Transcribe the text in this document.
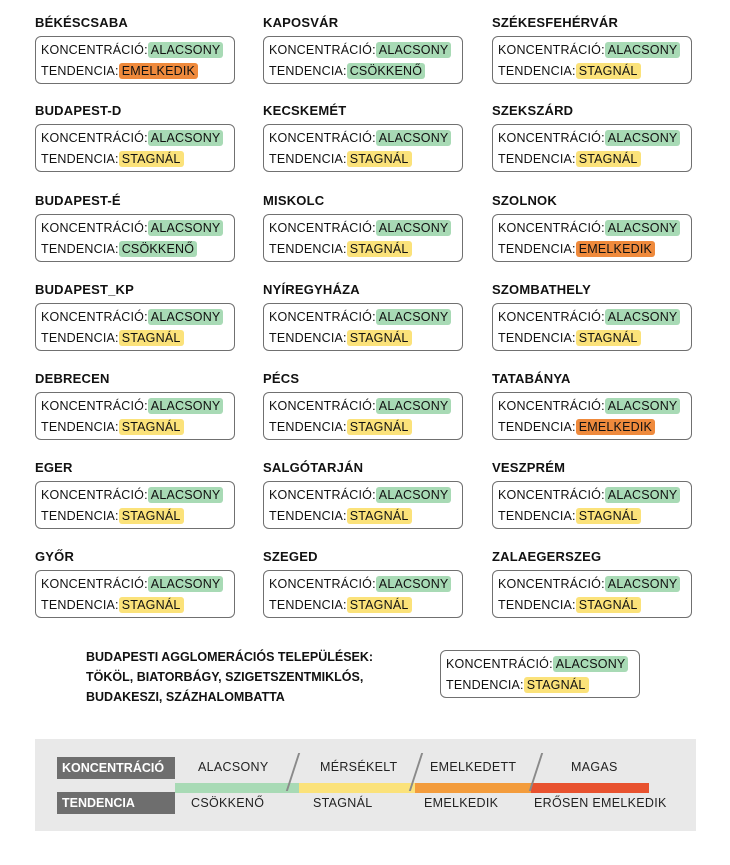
BÉKÉSCSABA
KONCENTRÁCIÓ: ALACSONY
TENDENCIA: EMELKEDIK
KAPOSVÁR
KONCENTRÁCIÓ: ALACSONY
TENDENCIA: CSÖKKENŐ
SZÉKESFEHÉRVÁR
KONCENTRÁCIÓ: ALACSONY
TENDENCIA: STAGNÁL
BUDAPEST-D
KONCENTRÁCIÓ: ALACSONY
TENDENCIA: STAGNÁL
KECSKEMÉT
KONCENTRÁCIÓ: ALACSONY
TENDENCIA: STAGNÁL
SZEKSZÁRD
KONCENTRÁCIÓ: ALACSONY
TENDENCIA: STAGNÁL
BUDAPEST-É
KONCENTRÁCIÓ: ALACSONY
TENDENCIA: CSÖKKENŐ
MISKOLC
KONCENTRÁCIÓ: ALACSONY
TENDENCIA: STAGNÁL
SZOLNOK
KONCENTRÁCIÓ: ALACSONY
TENDENCIA: EMELKEDIK
BUDAPEST_KP
KONCENTRÁCIÓ: ALACSONY
TENDENCIA: STAGNÁL
NYÍREGYHÁZA
KONCENTRÁCIÓ: ALACSONY
TENDENCIA: STAGNÁL
SZOMBATHELY
KONCENTRÁCIÓ: ALACSONY
TENDENCIA: STAGNÁL
DEBRECEN
KONCENTRÁCIÓ: ALACSONY
TENDENCIA: STAGNÁL
PÉCS
KONCENTRÁCIÓ: ALACSONY
TENDENCIA: STAGNÁL
TATABÁNYA
KONCENTRÁCIÓ: ALACSONY
TENDENCIA: EMELKEDIK
EGER
KONCENTRÁCIÓ: ALACSONY
TENDENCIA: STAGNÁL
SALGÓTARJÁN
KONCENTRÁCIÓ: ALACSONY
TENDENCIA: STAGNÁL
VESZPRÉM
KONCENTRÁCIÓ: ALACSONY
TENDENCIA: STAGNÁL
GYŐR
KONCENTRÁCIÓ: ALACSONY
TENDENCIA: STAGNÁL
SZEGED
KONCENTRÁCIÓ: ALACSONY
TENDENCIA: STAGNÁL
ZALAEGERSZEG
KONCENTRÁCIÓ: ALACSONY
TENDENCIA: STAGNÁL
BUDAPESTI AGGLOMERÁCIÓS TELEPÜLÉSEK:
TÖKÖL, BIATORBÁGY, SZIGETSZENTMIKLÓS,
BUDAKESZI, SZÁZHALOMBATTA
KONCENTRÁCIÓ: ALACSONY
TENDENCIA: STAGNÁL
KONCENTRÁCIÓ
TENDENCIA
ALACSONY	MÉRSÉKELT	EMELKEDETT	MAGAS
CSÖKKENŐ	STAGNÁL	EMELKEDIK	ERŐSEN EMELKEDIK
